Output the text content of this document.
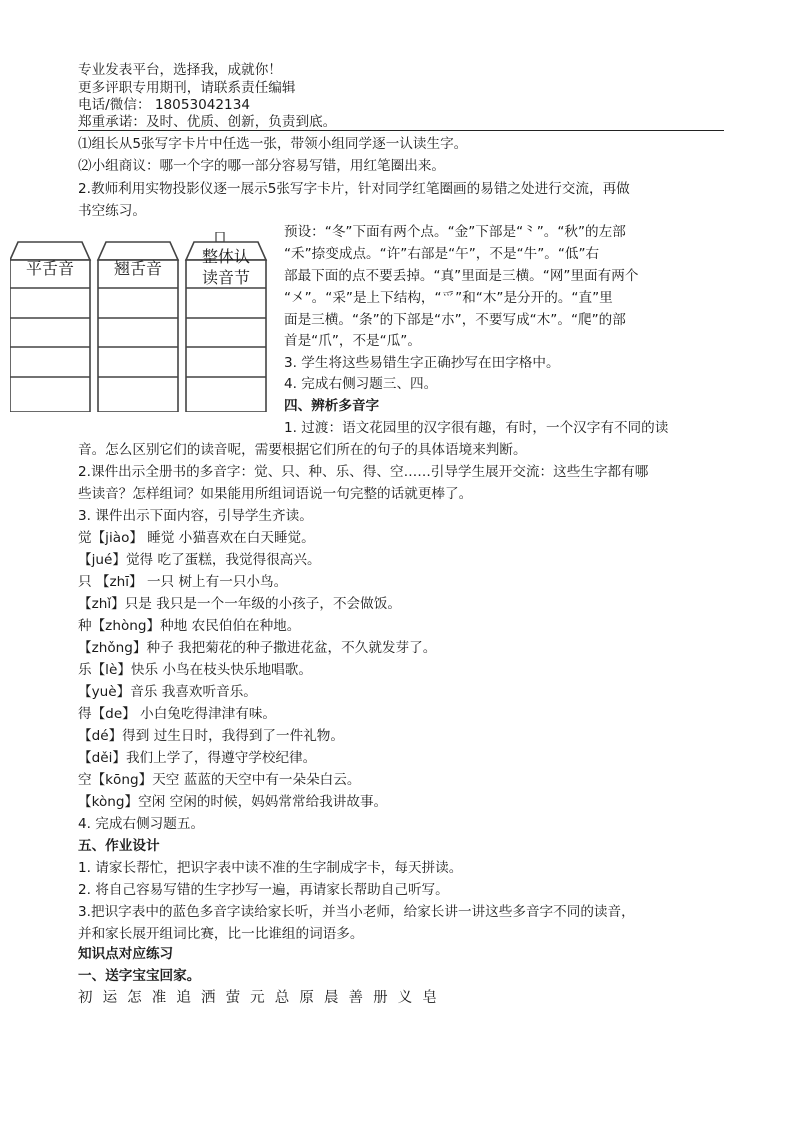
专业发表平台，选择我，成就你！
更多评职专用期刊，请联系责任编辑
电话/微信： 18053042134
郑重承诺：及时、优质、创新，负责到底。
⑴组长从5张写字卡片中任选一张，带领小组同学逐一认读生字。
⑵小组商议：哪一个字的哪一部分容易写错，用红笔圈出来。
2.教师利用实物投影仪逐一展示5张写字卡片，针对同学红笔圈画的易错之处进行交流，再做
书空练习。
平舌音 翘舌音
整体认
读音节
预设：“冬”下面有两个点。“金”下部是“⺀”。“秋”的左部
“禾”捺变成点。“许”右部是“午”，不是“牛”。“低”右
部最下面的点不要丢掉。“真”里面是三横。“网”里面有两个
“㐅”。“采”是上下结构，“爫”和“木”是分开的。“直”里
面是三横。“条”的下部是“朩”，不要写成“木”。“爬”的部
首是“爪”，不是“瓜”。
3. 学生将这些易错生字正确抄写在田字格中。
4. 完成右侧习题三、四。
四、辨析多音字
1. 过渡：语文花园里的汉字很有趣，有时，一个汉字有不同的读
音。怎么区别它们的读音呢，需要根据它们所在的句子的具体语境来判断。
2.课件出示全册书的多音字：觉、只、种、乐、得、空……引导学生展开交流：这些生字都有哪
些读音？怎样组词？如果能用所组词语说一句完整的话就更棒了。
3. 课件出示下面内容，引导学生齐读。
觉【jiào】 睡觉 小猫喜欢在白天睡觉。
【jué】觉得 吃了蛋糕，我觉得很高兴。
只 【zhī】 一只 树上有一只小鸟。
【zhǐ】只是 我只是一个一年级的小孩子，不会做饭。
种【zhòng】种地 农民伯伯在种地。
【zhǒng】种子 我把菊花的种子撒进花盆，不久就发芽了。
乐【lè】快乐 小鸟在枝头快乐地唱歌。
【yuè】音乐 我喜欢听音乐。
得【de】 小白兔吃得津津有味。
【dé】得到 过生日时，我得到了一件礼物。
【děi】我们上学了，得遵守学校纪律。
空【kōng】天空 蓝蓝的天空中有一朵朵白云。
【kòng】空闲 空闲的时候，妈妈常常给我讲故事。
4. 完成右侧习题五。
五、作业设计
1. 请家长帮忙，把识字表中读不准的生字制成字卡，每天拼读。
2. 将自己容易写错的生字抄写一遍，再请家长帮助自己听写。
3.把识字表中的蓝色多音字读给家长听，并当小老师，给家长讲一讲这些多音字不同的读音，
并和家长展开组词比赛，比一比谁组的词语多。
知识点对应练习
一、送字宝宝回家。
初 运 怎 准 追 洒 萤 元 总 原 晨 善 册 义 皂
